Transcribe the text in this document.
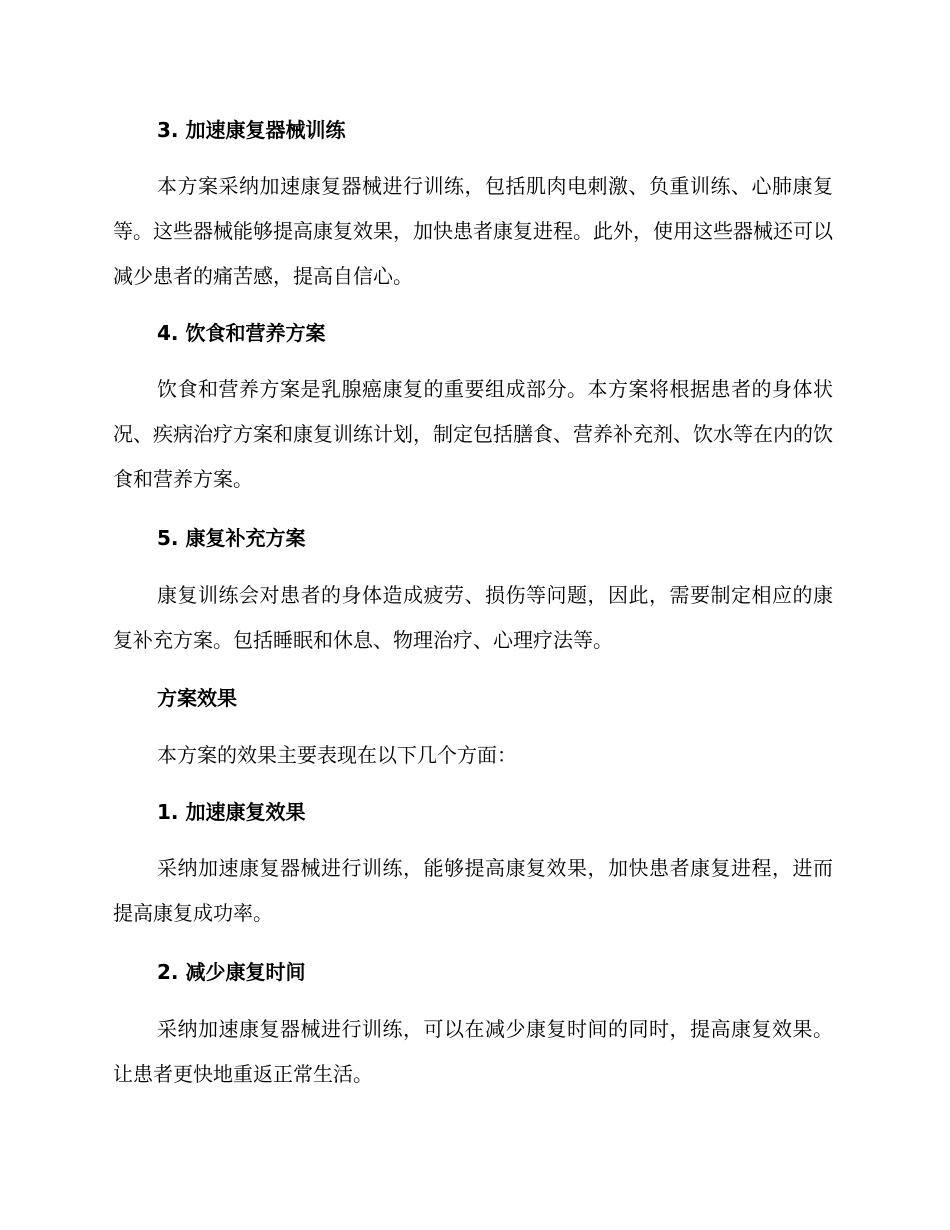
3. 加速康复器械训练
本方案采纳加速康复器械进行训练，包括肌肉电刺激、负重训练、心肺康复等。这些器械能够提高康复效果，加快患者康复进程。此外，使用这些器械还可以减少患者的痛苦感，提高自信心。
4. 饮食和营养方案
饮食和营养方案是乳腺癌康复的重要组成部分。本方案将根据患者的身体状况、疾病治疗方案和康复训练计划，制定包括膳食、营养补充剂、饮水等在内的饮食和营养方案。
5. 康复补充方案
康复训练会对患者的身体造成疲劳、损伤等问题，因此，需要制定相应的康复补充方案。包括睡眠和休息、物理治疗、心理疗法等。
方案效果
本方案的效果主要表现在以下几个方面：
1. 加速康复效果
采纳加速康复器械进行训练，能够提高康复效果，加快患者康复进程，进而提高康复成功率。
2. 减少康复时间
采纳加速康复器械进行训练，可以在减少康复时间的同时，提高康复效果。让患者更快地重返正常生活。
